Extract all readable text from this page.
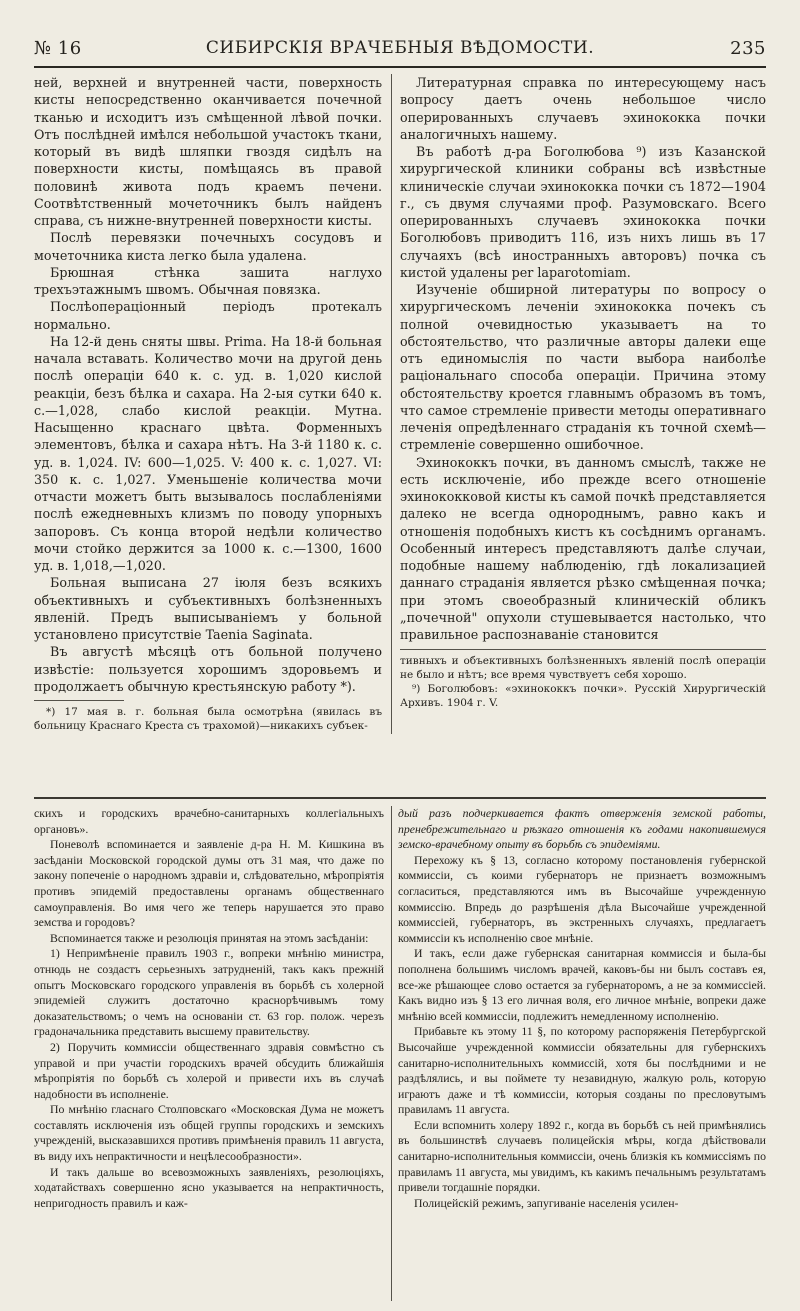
№ 16	СИБИРСКІЯ ВРАЧЕБНЫЯ ВѢДОМОСТИ.	235

ней, верхней и внутренней части, поверхность кисты непосредственно оканчивается почечной тканью и исходитъ изъ смѣщенной лѣвой почки. Отъ послѣдней имѣлся небольшой участокъ ткани, который въ видѣ шляпки гвоздя сидѣлъ на поверхности кисты, помѣщаясь въ правой половинѣ живота подъ краемъ печени. Соотвѣтственный мочеточникъ былъ найденъ справа, съ нижне-внутренней поверхности кисты.

Послѣ перевязки почечныхъ сосудовъ и мочеточника киста легко была удалена.

Брюшная стѣнка зашита наглухо трехъэтажнымъ швомъ. Обычная повязка.

Послѣоперaціонный періодъ протекалъ нормально.

На 12-й день сняты швы. Prima. На 18-й больная начала вставать. Количество мочи на другой день послѣ операціи 640 к. с. уд. в. 1,020 кислой реакціи, безъ бѣлка и сахара. На 2-ыя сутки 640 к. с.—1,028, слабо кислой реакціи. Мутна. Насыщенно краснаго цвѣта. Форменныхъ элементовъ, бѣлка и сахара нѣтъ. На 3-й 1180 к. с. уд. в. 1,024. IV: 600—1,025. V: 400 к. с. 1,027. VI: 350 к. с. 1,027. Уменьшеніе количества мочи отчасти можетъ быть вызывалось послабленіями послѣ ежедневныхъ клизмъ по поводу упорныхъ запоровъ. Съ конца второй недѣли количество мочи стойко держится за 1000 к. с.—1300, 1600 уд. в. 1,018,—1,020.

Больная выписана 27 іюля безъ всякихъ объективныхъ и субъективныхъ болѣзненныхъ явленій. Предъ выписываніемъ у больной установлено присутствіе Taenia Saginata.

Въ августѣ мѣсяцѣ отъ больной получено извѣстіе: пользуется хорошимъ здоровьемъ и продолжаетъ обычную крестьянскую работу *).

*) 17 мая в. г. больная была осмотрѣна (явилась въ больницу Краснаго Креста съ трахомой)—никакихъ субъек-

Литературная справка по интересующему насъ вопросу даетъ очень небольшое число оперированныхъ случаевъ эхинококка почки аналогичныхъ нашему.

Въ работѣ д-ра Боголюбова ⁹) изъ Казанской хирургической клиники собраны всѣ извѣстные клиническіе случаи эхинококка почки съ 1872—1904 г., съ двумя случаями проф. Разумовскаго. Всего оперированныхъ случаевъ эхинококка почки Боголюбовъ приводитъ 116, изъ нихъ лишь въ 17 случаяхъ (всѣ иностранныхъ авторовъ) почка съ кистой удалены per laparotomiam.

Изученіе обширной литературы по вопросу о хирургическомъ леченіи эхинококка почекъ съ полной очевидностью указываетъ на то обстоятельство, что различные авторы далеки еще отъ единомыслія по части выбора наиболѣе раціональнаго способа операціи. Причина этому обстоятельству кроется главнымъ образомъ въ томъ, что самое стремленіе привести методы оперативнаго леченія опредѣленнаго страданія къ точной схемѣ—стремленіе совершенно ошибочное.

Эхинококкъ почки, въ данномъ смыслѣ, также не есть исключеніе, ибо прежде всего отношеніе эхинококковой кисты къ самой почкѣ представляется далеко не всегда однороднымъ, равно какъ и отношенія подобныхъ кистъ къ сосѣднимъ органамъ. Особенный интересъ представляютъ далѣе случаи, подобные нашему наблюденію, гдѣ локализацией даннаго страданія является рѣзко смѣщенная почка; при этомъ своеобразный клиническій обликъ „почечной" опухоли стушевывается настолько, что правильное распознаваніе становится

тивныхъ и объективныхъ болѣзненныхъ явленій послѣ операціи не было и нѣтъ; все время чувствуетъ себя хорошо.

⁹) Боголюбовъ: «эхинококкъ почки». Русскій Хирургическій Архивъ. 1904 г. V.

скихъ и городскихъ врачебно-санитарныхъ коллегіальныхъ органовъ».

Поневолѣ вспоминается и заявленіе д-ра Н. М. Кишкина въ засѣданіи Московской городской думы отъ 31 мая, что даже по закону попеченіе о народномъ здравіи и, слѣдовательно, мѣропріятія противъ эпидемій предоставлены органамъ общественнаго самоуправленія. Во имя чего же теперь нарушается это право земства и городовъ?

Вспоминается также и резолюція принятая на этомъ засѣданіи:

1) Непримѣненіе правилъ 1903 г., вопреки мнѣнію министра, отнюдь не создастъ серьезныхъ затрудненій, такъ какъ прежній опытъ Московскаго городского управленія въ борьбѣ съ холерной эпидеміей служитъ достаточно краснорѣчивымъ тому доказательствомъ; о чемъ на основаніи ст. 63 гор. полож. черезъ градоначальника представить высшему правительству.

2) Поручить коммиссіи общественнаго здравія совмѣстно съ управой и при участіи городскихъ врачей обсудить ближайшія мѣропріятія по борьбѣ съ холерой и привести ихъ въ случаѣ надобности въ исполненіе.

По мнѣнію гласнаго Столповскаго «Московская Дума не можетъ составлять исключенія изъ общей группы городскихъ и земскихъ учрежденій, высказавшихся противъ примѣненія правилъ 11 августа, въ виду ихъ непрактичности и нецѣлесообразности».

И такъ дальше во всевозможныхъ заявленіяхъ, резолюціяхъ, ходатайствахъ совершенно ясно указывается на непрактичность, непригодность правилъ и каж-

дый разъ подчеркивается фактъ отверженія земской работы, пренебрежительнаго и рѣзкаго отношенія къ годами накопившемуся земско-врачебному опыту въ борьбѣ съ эпидеміями.

Перехожу къ § 13, согласно которому постановленія губернской коммиссіи, съ коими губернаторъ не признаетъ возможнымъ согласиться, представляются имъ въ Высочайше учрежденную коммиссію. Впредь до разрѣшенія дѣла Высочайше учрежденной коммиссіей, губернаторъ, въ экстренныхъ случаяхъ, предлагаетъ коммиссіи къ исполненію свое мнѣніе.

И такъ, если даже губернская санитарная коммиссія и была-бы пополнена большимъ числомъ врачей, каковъ-бы ни былъ составъ ея, все-же рѣшающее слово остается за губернаторомъ, а не за коммиссіей. Какъ видно изъ § 13 его личная воля, его личное мнѣніе, вопреки даже мнѣнію всей коммиссіи, подлежитъ немедленному исполненію.

Прибавьте къ этому 11 §, по которому распоряженія Петербургской Высочайше учрежденной коммиссіи обязательны для губернскихъ санитарно-исполнительныхъ коммиссій, хотя бы послѣдними и не раздѣлялись, и вы поймете ту незавидную, жалкую роль, которую играютъ даже и тѣ коммиссіи, которыя созданы по пресловутымъ правиламъ 11 августа.

Если вспомнить холеру 1892 г., когда въ борьбѣ съ ней примѣнялись въ большинствѣ случаевъ полицейскія мѣры, когда дѣйствовали санитарно-исполнительныя коммиссіи, очень близкія къ коммиссіямъ по правиламъ 11 августа, мы увидимъ, къ какимъ печальнымъ результатамъ привели тогдашніе порядки.

Полицейскій режимъ, запугиваніе населенія усилен-
